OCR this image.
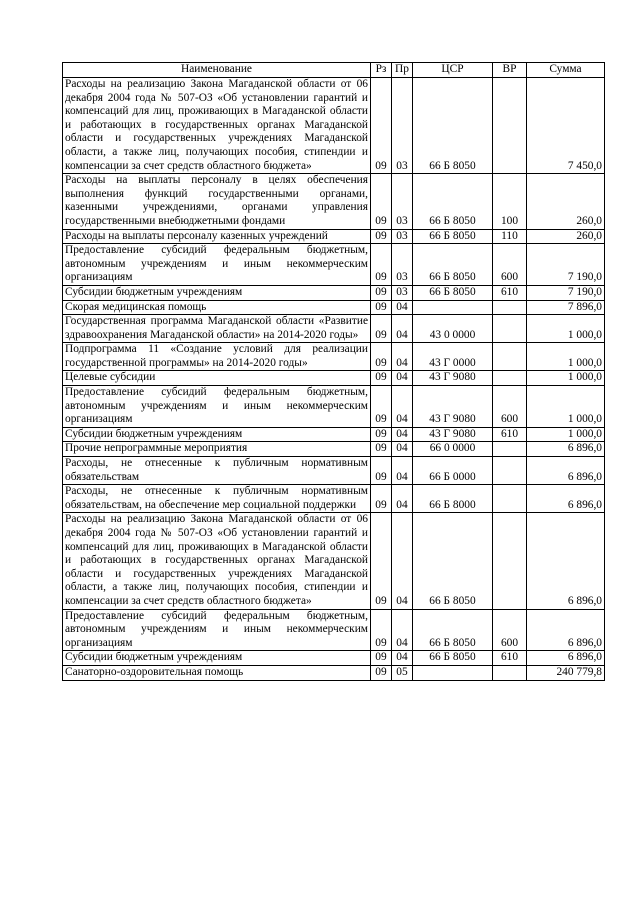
Наименование	Рз	Пр	ЦСР	ВР	Сумма
Расходы на реализацию Закона Магаданской области от 06 декабря 2004 года № 507-ОЗ «Об установлении гарантий и компенсаций для лиц, проживающих в Магаданской области и работающих в государственных органах Магаданской области и государственных учреждениях Магаданской области, а также лиц, получающих пособия, стипендии и компенсации за счет средств областного бюджета»	09	03	66 Б 8050		7 450,0
Расходы на выплаты персоналу в целях обеспечения выполнения функций государственными органами, казенными учреждениями, органами управления государственными внебюджетными фондами	09	03	66 Б 8050	100	260,0
Расходы на выплаты персоналу казенных учреждений	09	03	66 Б 8050	110	260,0
Предоставление субсидий федеральным бюджетным, автономным учреждениям и иным некоммерческим организациям	09	03	66 Б 8050	600	7 190,0
Субсидии бюджетным учреждениям	09	03	66 Б 8050	610	7 190,0
Скорая медицинская помощь	09	04			7 896,0
Государственная программа Магаданской области «Развитие здравоохранения Магаданской области» на 2014-2020 годы»	09	04	43 0 0000		1 000,0
Подпрограмма 11 «Создание условий для реализации государственной программы» на 2014-2020 годы»	09	04	43 Г 0000		1 000,0
Целевые субсидии	09	04	43 Г 9080		1 000,0
Предоставление субсидий федеральным бюджетным, автономным учреждениям и иным некоммерческим организациям	09	04	43 Г 9080	600	1 000,0
Субсидии бюджетным учреждениям	09	04	43 Г 9080	610	1 000,0
Прочие непрограммные мероприятия	09	04	66 0 0000		6 896,0
Расходы, не отнесенные к публичным нормативным обязательствам	09	04	66 Б 0000		6 896,0
Расходы, не отнесенные к публичным нормативным обязательствам, на обеспечение мер социальной поддержки	09	04	66 Б 8000		6 896,0
Расходы на реализацию Закона Магаданской области от 06 декабря 2004 года № 507-ОЗ «Об установлении гарантий и компенсаций для лиц, проживающих в Магаданской области и работающих в государственных органах Магаданской области и государственных учреждениях Магаданской области, а также лиц, получающих пособия, стипендии и компенсации за счет средств областного бюджета»	09	04	66 Б 8050		6 896,0
Предоставление субсидий федеральным бюджетным, автономным учреждениям и иным некоммерческим организациям	09	04	66 Б 8050	600	6 896,0
Субсидии бюджетным учреждениям	09	04	66 Б 8050	610	6 896,0
Санаторно-оздоровительная помощь	09	05			240 779,8
